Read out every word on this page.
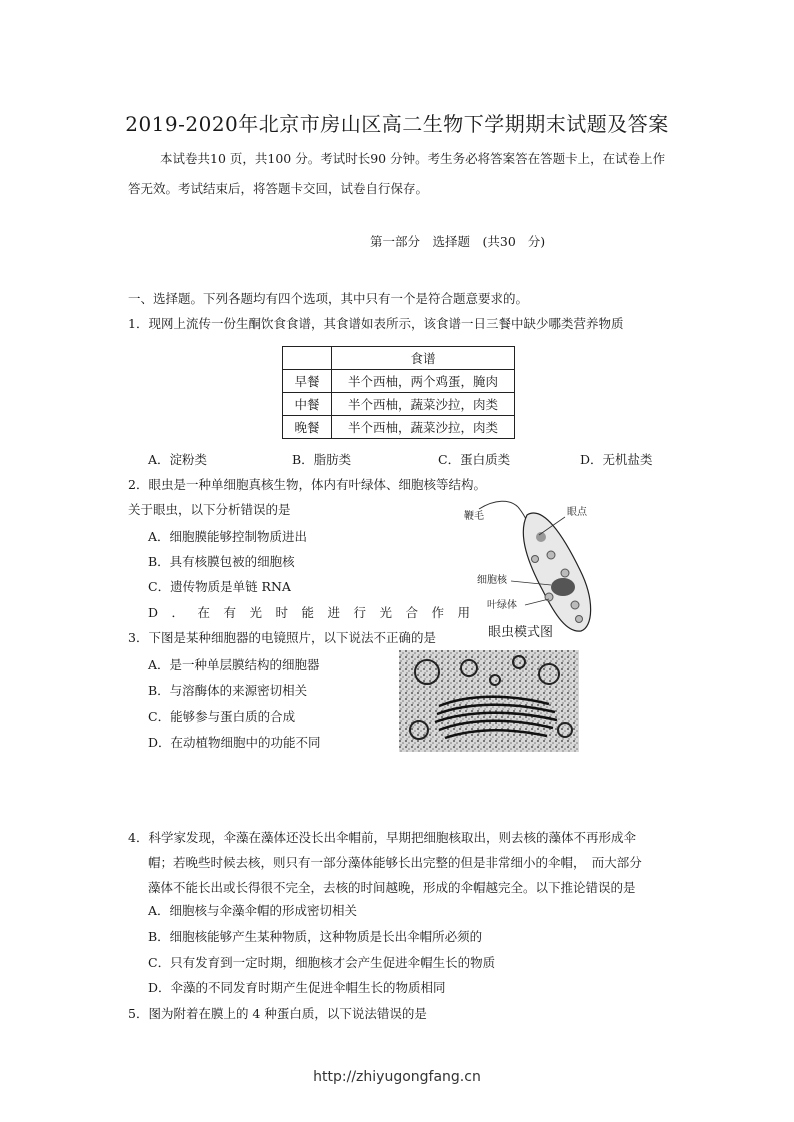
2019-2020年北京市房山区高二生物下学期期末试题及答案
本试卷共10 页，共100 分。考试时长90 分钟。考生务必将答案答在答题卡上，在试卷上作答无效。考试结束后，将答题卡交回，试卷自行保存。
第一部分　选择题　(共30 分)
一、选择题。下列各题均有四个选项，其中只有一个是符合题意要求的。
1．现网上流传一份生酮饮食食谱，其食谱如表所示，该食谱一日三餐中缺少哪类营养物质
	食谱
早餐	半个西柚，两个鸡蛋，腌肉
中餐	半个西柚，蔬菜沙拉，肉类
晚餐	半个西柚，蔬菜沙拉，肉类
A．淀粉类	B．脂肪类	C．蛋白质类	D．无机盐类
2．眼虫是一种单细胞真核生物，体内有叶绿体、细胞核等结构。
关于眼虫，以下分析错误的是
A．细胞膜能够控制物质进出
B．具有核膜包被的细胞核
C．遗传物质是单链 RNA
D．在有光时能进行光合作用
鞭毛	眼点
细胞核
叶绿体
眼虫模式图
3．下图是某种细胞器的电镜照片，以下说法不正确的是
A．是一种单层膜结构的细胞器
B．与溶酶体的来源密切相关
C．能够参与蛋白质的合成
D．在动植物细胞中的功能不同
4．科学家发现，伞藻在藻体还没长出伞帽前，早期把细胞核取出，则去核的藻体不再形成伞
帽；若晚些时候去核，则只有一部分藻体能够长出完整的但是非常细小的伞帽，　而大部分
藻体不能长出或长得很不完全，去核的时间越晚，形成的伞帽越完全。以下推论错误的是
A．细胞核与伞藻伞帽的形成密切相关
B．细胞核能够产生某种物质，这种物质是长出伞帽所必须的
C．只有发育到一定时期，细胞核才会产生促进伞帽生长的物质
D．伞藻的不同发育时期产生促进伞帽生长的物质相同
5．图为附着在膜上的 4 种蛋白质，以下说法错误的是
http://zhiyugongfang.cn
